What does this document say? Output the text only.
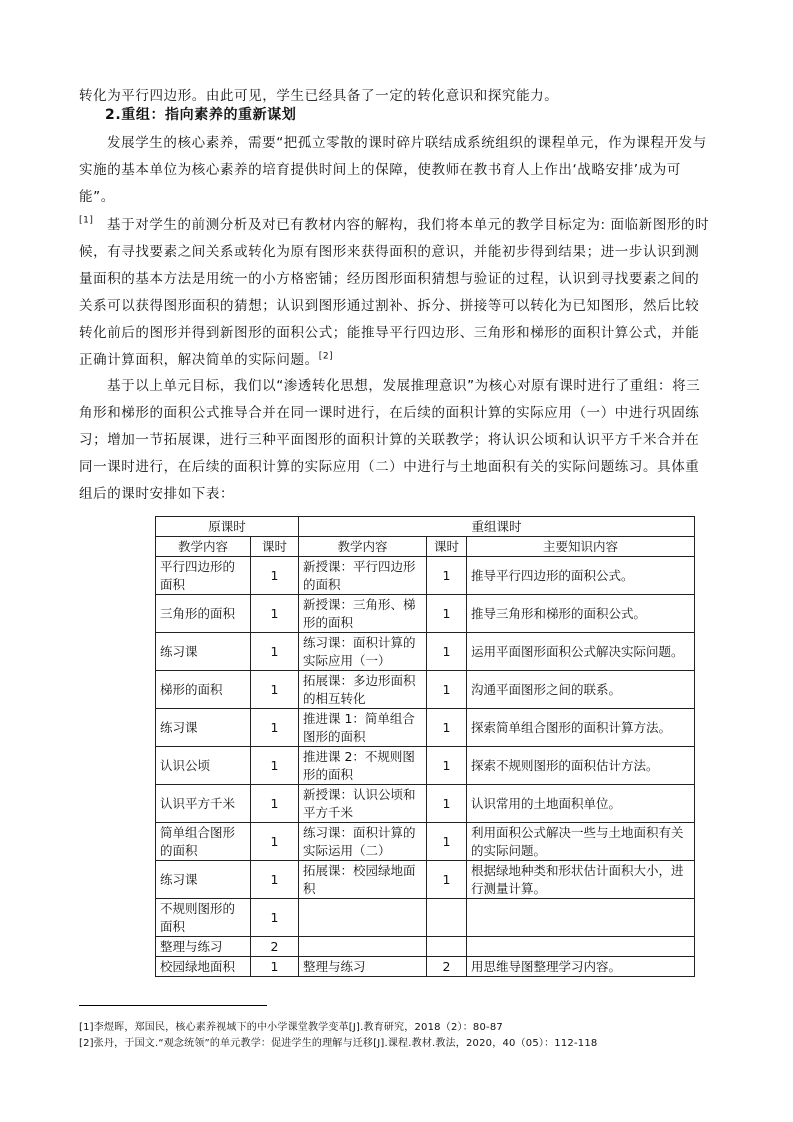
转化为平行四边形。由此可见，学生已经具备了一定的转化意识和探究能力。
2.重组：指向素养的重新谋划
发展学生的核心素养，需要“把孤立零散的课时碎片联结成系统组织的课程单元，作为课程开发与实施的基本单位为核心素养的培育提供时间上的保障，使教师在教书育人上作出‘战略安排’成为可能”。
[1] 基于对学生的前测分析及对已有教材内容的解构，我们将本单元的教学目标定为: 面临新图形的时候，有寻找要素之间关系或转化为原有图形来获得面积的意识，并能初步得到结果；进一步认识到测量面积的基本方法是用统一的小方格密铺；经历图形面积猜想与验证的过程，认识到寻找要素之间的关系可以获得图形面积的猜想；认识到图形通过割补、拆分、拼接等可以转化为已知图形，然后比较转化前后的图形并得到新图形的面积公式；能推导平行四边形、三角形和梯形的面积计算公式，并能正确计算面积，解决简单的实际问题。[2]
基于以上单元目标，我们以“渗透转化思想，发展推理意识”为核心对原有课时进行了重组：将三角形和梯形的面积公式推导合并在同一课时进行，在后续的面积计算的实际应用（一）中进行巩固练习；增加一节拓展课，进行三种平面图形的面积计算的关联教学；将认识公顷和认识平方千米合并在同一课时进行，在后续的面积计算的实际应用（二）中进行与土地面积有关的实际问题练习。具体重组后的课时安排如下表：
原课时		重组课时		
教学内容	课时	教学内容	课时	主要知识内容
平行四边形的面积	1	新授课：平行四边形的面积	1	推导平行四边形的面积公式。
三角形的面积	1	新授课：三角形、梯形的面积	1	推导三角形和梯形的面积公式。
练习课	1	练习课：面积计算的实际应用（一）	1	运用平面图形面积公式解决实际问题。
梯形的面积	1	拓展课：多边形面积的相互转化	1	沟通平面图形之间的联系。
练习课	1	推进课 1：简单组合图形的面积	1	探索简单组合图形的面积计算方法。
认识公顷	1	推进课 2：不规则图形的面积	1	探索不规则图形的面积估计方法。
认识平方千米	1	新授课：认识公顷和平方千米	1	认识常用的土地面积单位。
简单组合图形的面积	1	练习课：面积计算的实际运用（二）	1	利用面积公式解决一些与土地面积有关的实际问题。
练习课	1	拓展课：校园绿地面积	1	根据绿地种类和形状估计面积大小，进行测量计算。
不规则图形的面积	1			
整理与练习	2			
校园绿地面积	1	整理与练习	2	用思维导图整理学习内容。
[1]李煜晖，郑国民，核心素养视域下的中小学课堂教学变革[J].教育研究，2018（2）：80-87
[2]张丹，于国文.“观念统领”的单元教学：促进学生的理解与迁移[J].课程.教材.教法，2020，40（05）：112-118
